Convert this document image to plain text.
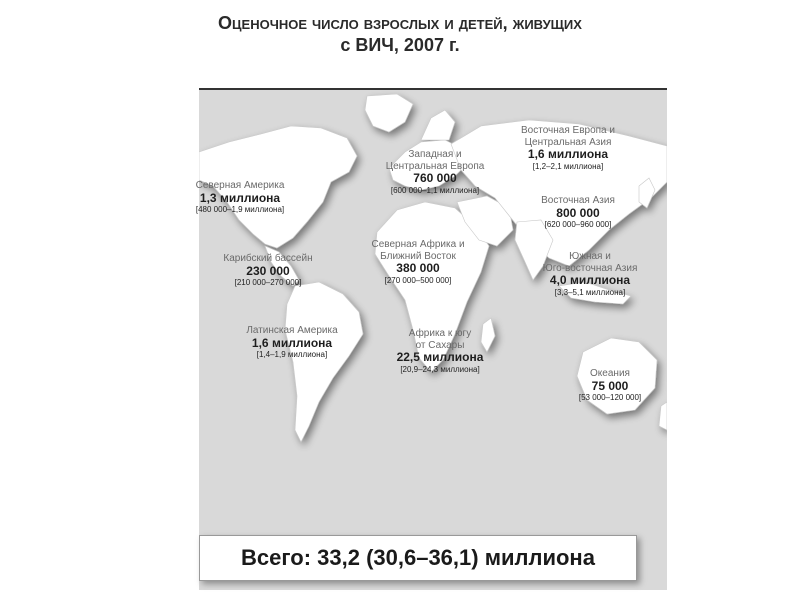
Оценочное число взрослых и детей, живущих
с ВИЧ, 2007 г.
Северная Америка
1,3 миллиона
[480 000–1,9 миллиона]
Карибский бассейн
230 000
[210 000–270 000]
Латинская Америка
1,6 миллиона
[1,4–1,9 миллиона]
Западная и
Центральная Европа
760 000
[600 000–1,1 миллиона]
Северная Африка и
Ближний Восток
380 000
[270 000–500 000]
Африка к югу
от Сахары
22,5 миллиона
[20,9–24,3 миллиона]
Восточная Европа и
Центральная Азия
1,6 миллиона
[1,2–2,1 миллиона]
Восточная Азия
800 000
[620 000–960 000]
Южная и
Юго-восточная Азия
4,0 миллиона
[3,3–5,1 миллиона]
Океания
75 000
[53 000–120 000]
Всего: 33,2 (30,6–36,1) миллиона
